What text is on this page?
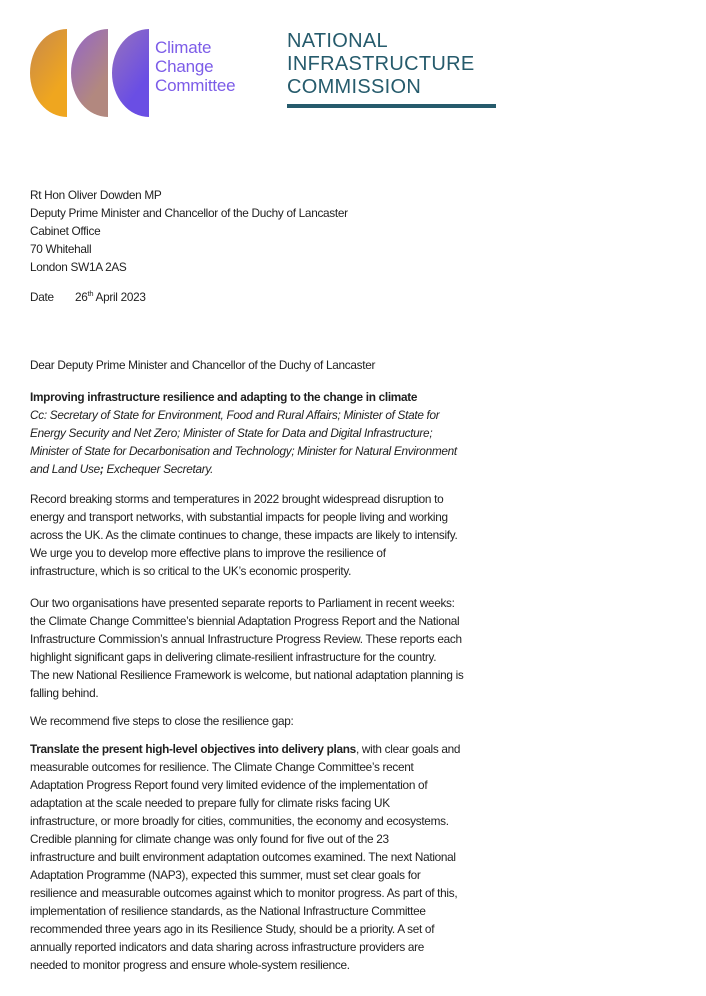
Climate
Change
Committee
NATIONAL
INFRASTRUCTURE
COMMISSION
Rt Hon Oliver Dowden MP
Deputy Prime Minister and Chancellor of the Duchy of Lancaster
Cabinet Office
70 Whitehall
London SW1A 2AS
Date 26th April 2023
Dear Deputy Prime Minister and Chancellor of the Duchy of Lancaster
Improving infrastructure resilience and adapting to the change in climate
Cc: Secretary of State for Environment, Food and Rural Affairs; Minister of State for
Energy Security and Net Zero; Minister of State for Data and Digital Infrastructure;
Minister of State for Decarbonisation and Technology; Minister for Natural Environment
and Land Use; Exchequer Secretary.
Record breaking storms and temperatures in 2022 brought widespread disruption to
energy and transport networks, with substantial impacts for people living and working
across the UK. As the climate continues to change, these impacts are likely to intensify.
We urge you to develop more effective plans to improve the resilience of
infrastructure, which is so critical to the UK’s economic prosperity.
Our two organisations have presented separate reports to Parliament in recent weeks:
the Climate Change Committee’s biennial Adaptation Progress Report and the National
Infrastructure Commission’s annual Infrastructure Progress Review. These reports each
highlight significant gaps in delivering climate-resilient infrastructure for the country.
The new National Resilience Framework is welcome, but national adaptation planning is
falling behind.
We recommend five steps to close the resilience gap:
Translate the present high-level objectives into delivery plans, with clear goals and
measurable outcomes for resilience. The Climate Change Committee’s recent
Adaptation Progress Report found very limited evidence of the implementation of
adaptation at the scale needed to prepare fully for climate risks facing UK
infrastructure, or more broadly for cities, communities, the economy and ecosystems.
Credible planning for climate change was only found for five out of the 23
infrastructure and built environment adaptation outcomes examined. The next National
Adaptation Programme (NAP3), expected this summer, must set clear goals for
resilience and measurable outcomes against which to monitor progress. As part of this,
implementation of resilience standards, as the National Infrastructure Committee
recommended three years ago in its Resilience Study, should be a priority. A set of
annually reported indicators and data sharing across infrastructure providers are
needed to monitor progress and ensure whole-system resilience.
